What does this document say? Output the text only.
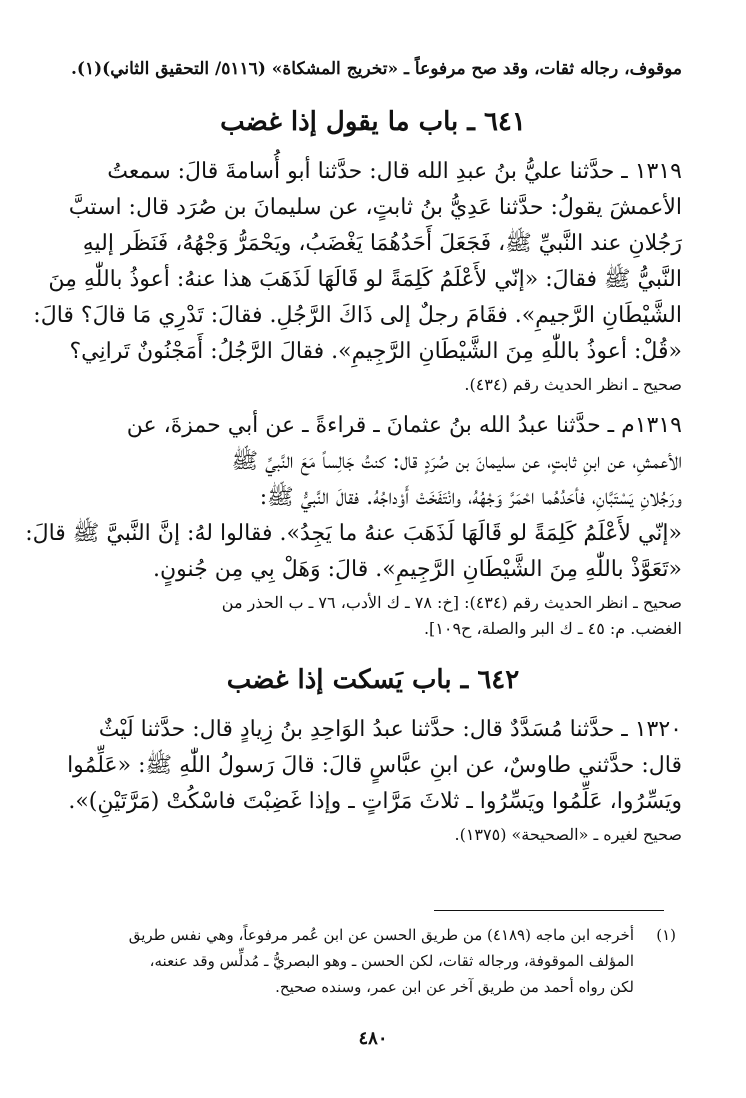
موقوف، رجاله ثقات، وقد صح مرفوعاً ـ «تخريج المشكاة» (٥١١٦/ التحقيق الثاني)(١).
٦٤١ ـ باب ما يقول إذا غضب
١٣١٩ ـ حدَّثنا عليُّ بنُ عبدِ الله قال: حدَّثنا أبو أُسامةَ قالَ: سمعتُ
الأعمشَ يقولُ: حدَّثنا عَدِيُّ بنُ ثابتٍ، عن سليمانَ بن صُرَد قال: استبَّ
رَجُلانِ عند النَّبيِّ ﷺ، فَجَعَلَ أَحَدُهُمَا يَغْضَبُ، ويَحْمَرُّ وَجْهُهُ، فَنَظَر إليهِ
النَّبيُّ ﷺ فقالَ: «إنّي لأَعْلَمُ كَلِمَةً لو قَالَهَا لَذَهَبَ هذا عنهُ: أعوذُ باللّٰهِ مِنَ
الشَّيْطَانِ الرَّجيمِ». فقَامَ رجلٌ إلى ذَاكَ الرَّجُلِ. فقالَ: تَدْرِي مَا قالَ؟ قالَ:
«قُلْ: أعوذُ باللّٰهِ مِنَ الشَّيْطَانِ الرَّجِيمِ». فقالَ الرَّجُلُ: أَمَجْنُونٌ تَرانِي؟
صحيح ـ انظر الحديث رقم (٤٣٤).
١٣١٩م ـ حدَّثنا عبدُ الله بنُ عثمانَ ـ قراءةً ـ عن أبي حمزةَ، عن
الأعمشِ، عن ابنِ ثابتٍ، عن سليمانَ بن صُرَدٍ قال: كنتُ جَالِساً مَعَ النَّبيِّ ﷺ
ورَجُلانِ يَسْتَبَّانِ، فأحَدُهُما احْمَرَّ وَجْهُهُ، وانْتَفَخَتْ أَوْداجُهُ. فقالَ النَّبيُّ ﷺ:
«إنّي لأَعْلَمُ كَلِمَةً لو قَالَهَا لَذَهَبَ عنهُ ما يَجِدُ». فقالوا لهُ: إنَّ النَّبيَّ ﷺ قالَ:
«تَعَوَّذْ باللّٰهِ مِنَ الشَّيْطَانِ الرَّجِيمِ». قالَ: وَهَلْ بِي مِن جُنونٍ.
صحيح ـ انظر الحديث رقم (٤٣٤): [خ: ٧٨ ـ ك الأدب، ٧٦ ـ ب الحذر من
الغضب. م: ٤٥ ـ ك البر والصلة، ح١٠٩].
٦٤٢ ـ باب يَسكت إذا غضب
١٣٢٠ ـ حدَّثنا مُسَدَّدٌ قال: حدَّثنا عبدُ الوَاحِدِ بنُ زِيادٍ قال: حدَّثنا لَيْثٌ
قال: حدَّثني طاوسٌ، عن ابنِ عبَّاسٍ قالَ: قالَ رَسولُ اللّٰهِ ﷺ: «عَلِّمُوا
ويَسِّرُوا، عَلِّمُوا ويَسِّرُوا ـ ثلاثَ مَرَّاتٍ ـ وإذا غَضِبْتَ فاسْكُتْ (مَرَّتَيْنِ)».
صحيح لغيره ـ «الصحيحة» (١٣٧٥).
(١)
أخرجه ابن ماجه (٤١٨٩) من طريق الحسن عن ابن عُمر مرفوعاً، وهي نفس طريق
المؤلف الموقوفة، ورجاله ثقات، لكن الحسن ـ وهو البصريُّ ـ مُدلِّس وقد عنعنه،
لكن رواه أحمد من طريق آخر عن ابن عمر، وسنده صحيح.
٤٨٠
